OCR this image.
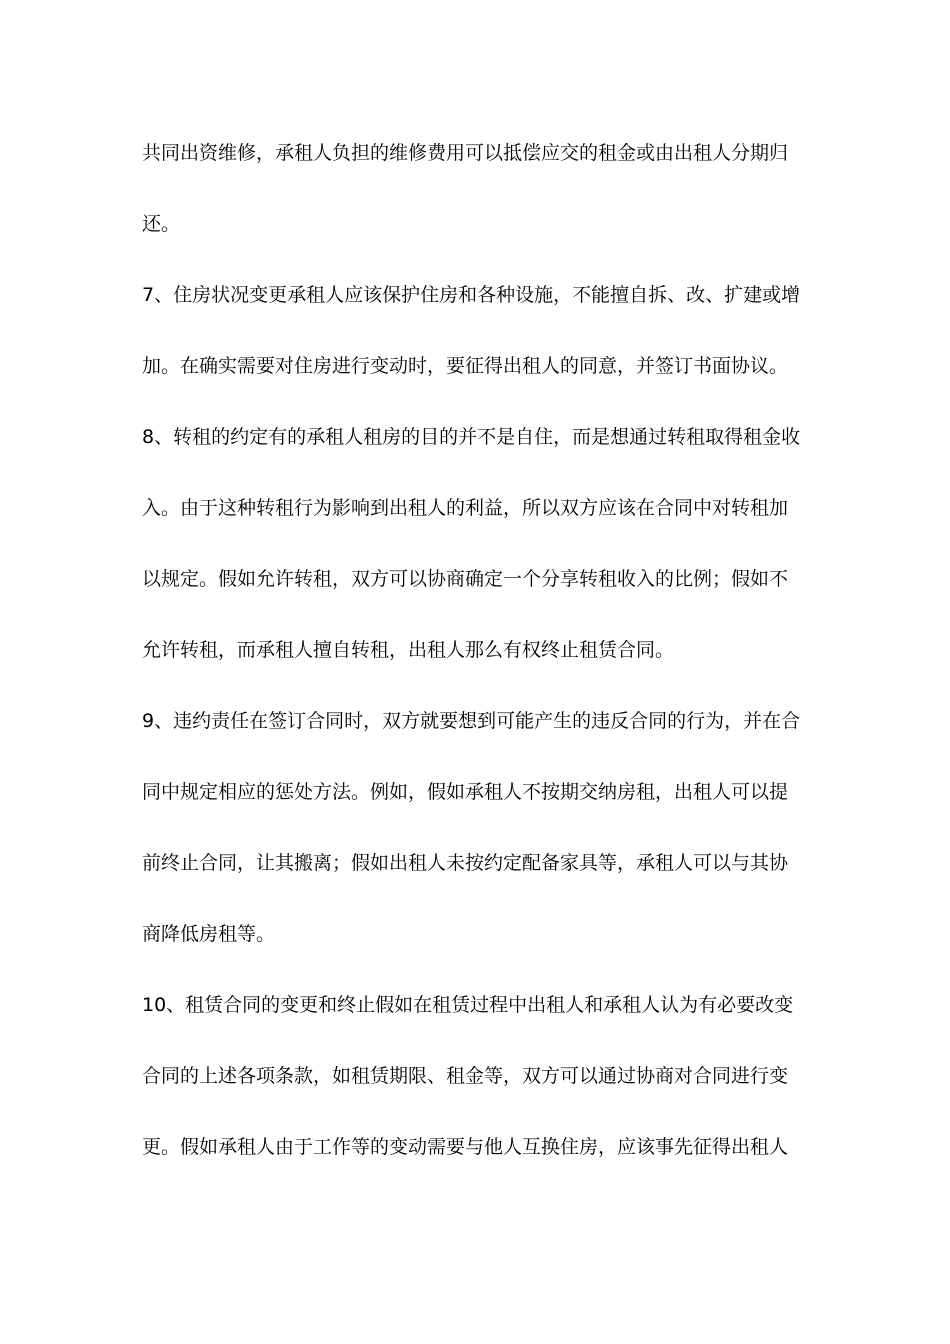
共同出资维修，承租人负担的维修费用可以抵偿应交的租金或由出租人分期归
还。
7、住房状况变更承租人应该保护住房和各种设施，不能擅自拆、改、扩建或增
加。在确实需要对住房进行变动时，要征得出租人的同意，并签订书面协议。
8、转租的约定有的承租人租房的目的并不是自住，而是想通过转租取得租金收
入。由于这种转租行为影响到出租人的利益，所以双方应该在合同中对转租加
以规定。假如允许转租，双方可以协商确定一个分享转租收入的比例；假如不
允许转租，而承租人擅自转租，出租人那么有权终止租赁合同。
9、违约责任在签订合同时，双方就要想到可能产生的违反合同的行为，并在合
同中规定相应的惩处方法。例如，假如承租人不按期交纳房租，出租人可以提
前终止合同，让其搬离；假如出租人未按约定配备家具等，承租人可以与其协
商降低房租等。
10、租赁合同的变更和终止假如在租赁过程中出租人和承租人认为有必要改变
合同的上述各项条款，如租赁期限、租金等，双方可以通过协商对合同进行变
更。假如承租人由于工作等的变动需要与他人互换住房，应该事先征得出租人
